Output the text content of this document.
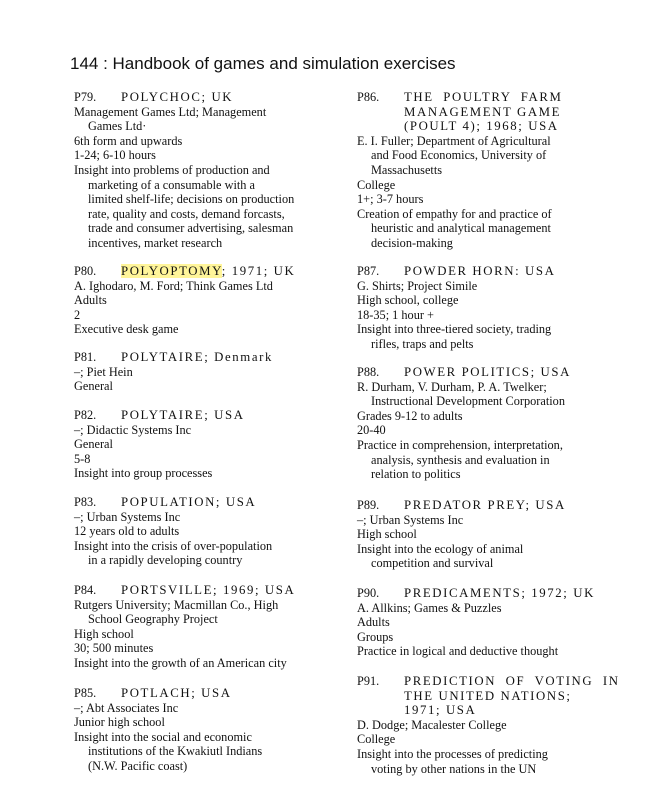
144 : Handbook of games and simulation exercises
P79.	POLYCHOC; UK
Management Games Ltd; Management
Games Ltd·
6th form and upwards
1-24; 6-10 hours
Insight into problems of production and
marketing of a consumable with a
limited shelf-life; decisions on production
rate, quality and costs, demand forcasts,
trade and consumer advertising, salesman
incentives, market research
P80.	POLYOPTOMY; 1971; UK
A. Ighodaro, M. Ford; Think Games Ltd
Adults
2
Executive desk game
P81.	POLYTAIRE; Denmark
–; Piet Hein
General
P82.	POLYTAIRE; USA
–; Didactic Systems Inc
General
5-8
Insight into group processes
P83.	POPULATION; USA
–; Urban Systems Inc
12 years old to adults
Insight into the crisis of over-population
in a rapidly developing country
P84.	PORTSVILLE; 1969; USA
Rutgers University; Macmillan Co., High
School Geography Project
High school
30; 500 minutes
Insight into the growth of an American city
P85.	POTLACH; USA
–; Abt Associates Inc
Junior high school
Insight into the social and economic
institutions of the Kwakiutl Indians
(N.W. Pacific coast)
P86.	THE  POULTRY  FARM
MANAGEMENT GAME
(POULT 4); 1968; USA
E. I. Fuller; Department of Agricultural
and Food Economics, University of
Massachusetts
College
1+; 3-7 hours
Creation of empathy for and practice of
heuristic and analytical management
decision-making
P87.	POWDER HORN: USA
G. Shirts; Project Simile
High school, college
18-35; 1 hour +
Insight into three-tiered society, trading
rifles, traps and pelts
P88.	POWER POLITICS; USA
R. Durham, V. Durham, P. A. Twelker;
Instructional Development Corporation
Grades 9-12 to adults
20-40
Practice in comprehension, interpretation,
analysis, synthesis and evaluation in
relation to politics
P89.	PREDATOR PREY; USA
–; Urban Systems Inc
High school
Insight into the ecology of animal
competition and survival
P90.	PREDICAMENTS; 1972; UK
A. Allkins; Games & Puzzles
Adults
Groups
Practice in logical and deductive thought
P91.	PREDICTION  OF  VOTING  IN
THE UNITED NATIONS;
1971; USA
D. Dodge; Macalester College
College
Insight into the processes of predicting
voting by other nations in the UN
